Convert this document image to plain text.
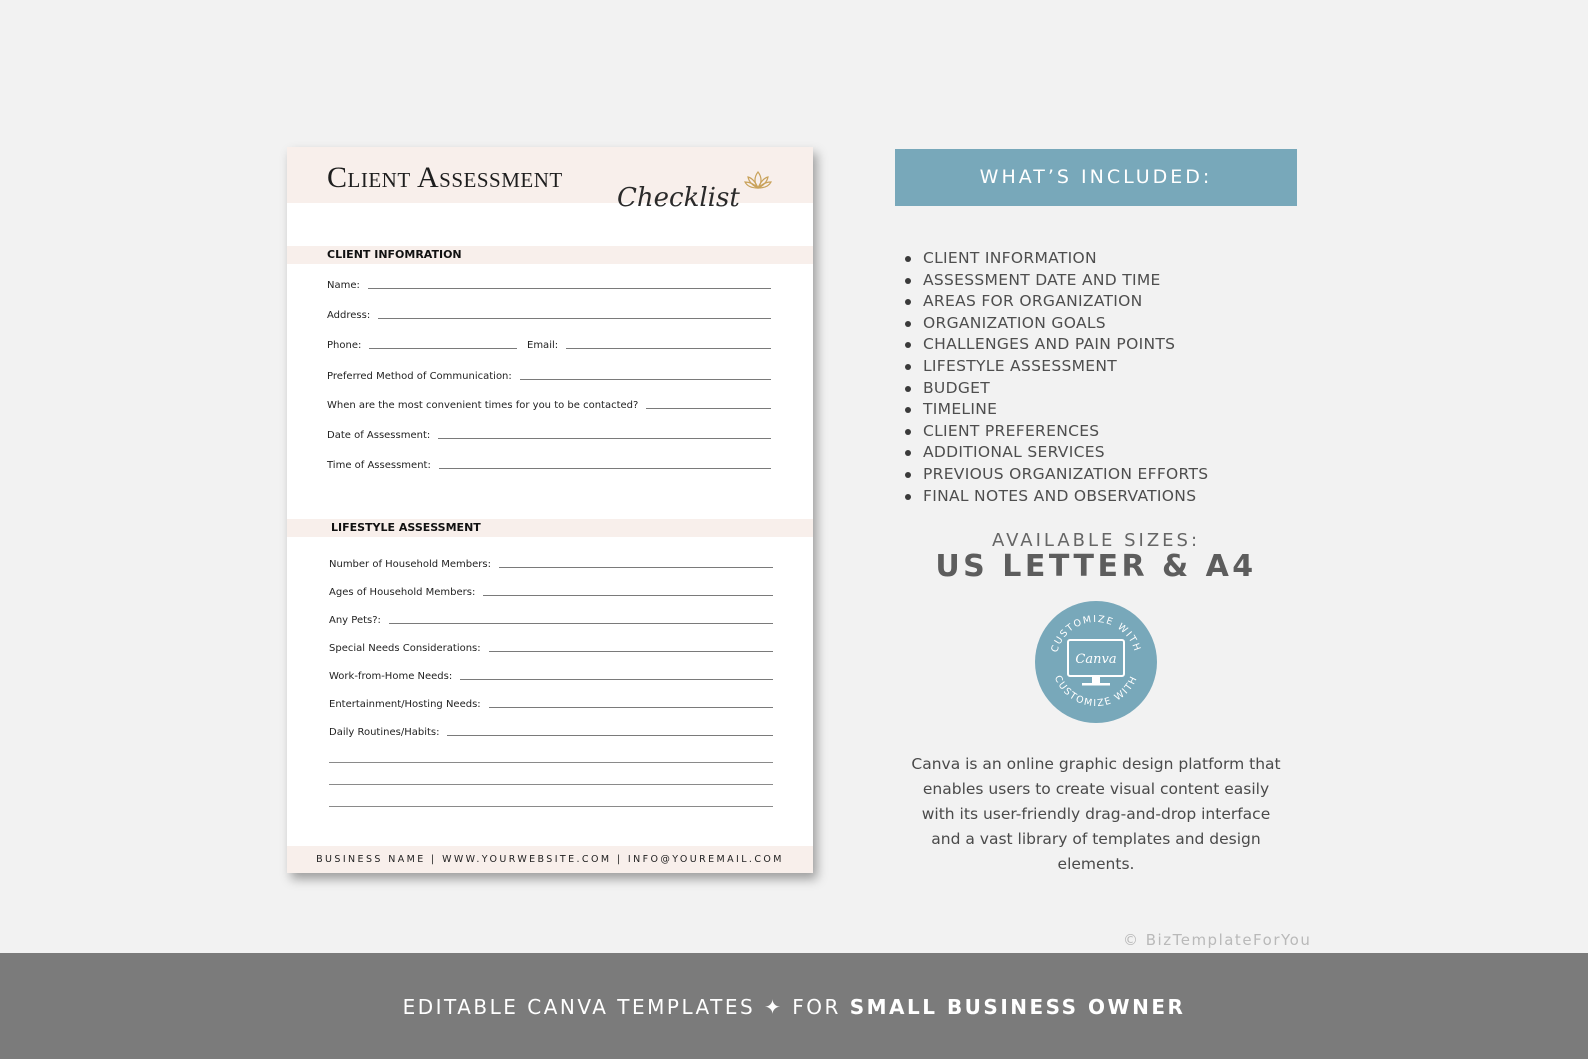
Client Assessment
Checklist
CLIENT INFOMRATION
Name:
Address:
Phone:	Email:
Preferred Method of Communication:
When are the most convenient times for you to be contacted?
Date of Assessment:
Time of Assessment:
LIFESTYLE ASSESSMENT
Number of Household Members:
Ages of Household Members:
Any Pets?:
Special Needs Considerations:
Work-from-Home Needs:
Entertainment/Hosting Needs:
Daily Routines/Habits:
BUSINESS NAME | WWW.YOURWEBSITE.COM | INFO@YOUREMAIL.COM
WHAT’S INCLUDED:
CLIENT INFORMATION
ASSESSMENT DATE AND TIME
AREAS FOR ORGANIZATION
ORGANIZATION GOALS
CHALLENGES AND PAIN POINTS
LIFESTYLE ASSESSMENT
BUDGET
TIMELINE
CLIENT PREFERENCES
ADDITIONAL SERVICES
PREVIOUS ORGANIZATION EFFORTS
FINAL NOTES AND OBSERVATIONS
AVAILABLE SIZES:
US LETTER & A4
CUSTOMIZE WITH
CUSTOMIZE WITH
Canva
Canva is an online graphic design platform that enables users to create visual content easily with its user-friendly drag-and-drop interface and a vast library of templates and design elements.
© BizTemplateForYou
EDITABLE CANVA TEMPLATES ✦ FOR SMALL BUSINESS OWNER
